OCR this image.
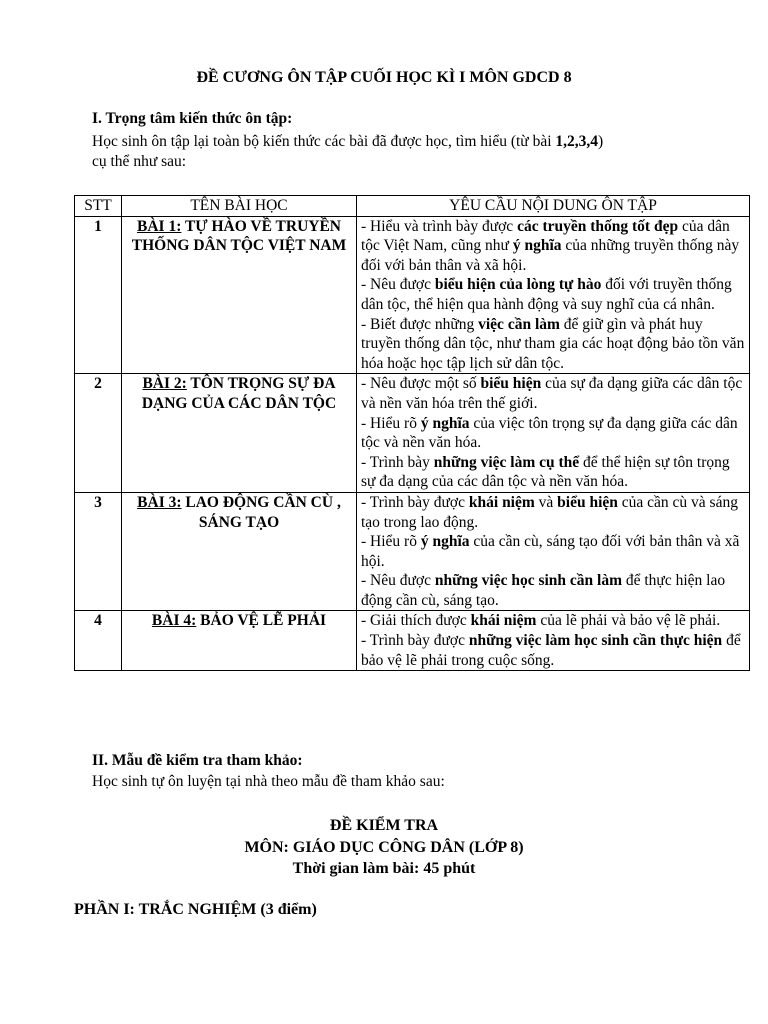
ĐỀ CƯƠNG ÔN TẬP CUỐI HỌC KÌ I MÔN GDCD 8
I. Trọng tâm kiến thức ôn tập:
Học sinh ôn tập lại toàn bộ kiến thức các bài đã được học, tìm hiểu (từ bài 1,2,3,4)
cụ thể như sau:
STT	TÊN BÀI HỌC	YÊU CẦU NỘI DUNG ÔN TẬP
1	BÀI 1: TỰ HÀO VỀ TRUYỀN THỐNG DÂN TỘC VIỆT NAM	- Hiểu và trình bày được các truyền thống tốt đẹp của dân tộc Việt Nam, cũng như ý nghĩa của những truyền thống này đối với bản thân và xã hội.
- Nêu được biểu hiện của lòng tự hào đối với truyền thống dân tộc, thể hiện qua hành động và suy nghĩ của cá nhân.
- Biết được những việc cần làm để giữ gìn và phát huy truyền thống dân tộc, như tham gia các hoạt động bảo tồn văn hóa hoặc học tập lịch sử dân tộc.

2	BÀI 2: TÔN TRỌNG SỰ ĐA DẠNG CỦA CÁC DÂN TỘC	- Nêu được một số biểu hiện của sự đa dạng giữa các dân tộc và nền văn hóa trên thế giới.
- Hiểu rõ ý nghĩa của việc tôn trọng sự đa dạng giữa các dân tộc và nền văn hóa.
- Trình bày những việc làm cụ thể để thể hiện sự tôn trọng sự đa dạng của các dân tộc và nền văn hóa.

3	BÀI 3: LAO ĐỘNG CẦN CÙ , SÁNG TẠO	- Trình bày được khái niệm và biểu hiện của cần cù và sáng tạo trong lao động.
- Hiểu rõ ý nghĩa của cần cù, sáng tạo đối với bản thân và xã hội.
- Nêu được những việc học sinh cần làm để thực hiện lao động cần cù, sáng tạo.

4	BÀI 4: BẢO VỆ LẼ PHẢI	- Giải thích được khái niệm của lẽ phải và bảo vệ lẽ phải.
- Trình bày được những việc làm học sinh cần thực hiện để bảo vệ lẽ phải trong cuộc sống.
II. Mẫu đề kiểm tra tham khảo:
Học sinh tự ôn luyện tại nhà theo mẫu đề tham khảo sau:
ĐỀ KIỂM TRA
MÔN: GIÁO DỤC CÔNG DÂN (LỚP 8)
Thời gian làm bài: 45 phút
PHẦN I: TRẮC NGHIỆM (3 điểm)
